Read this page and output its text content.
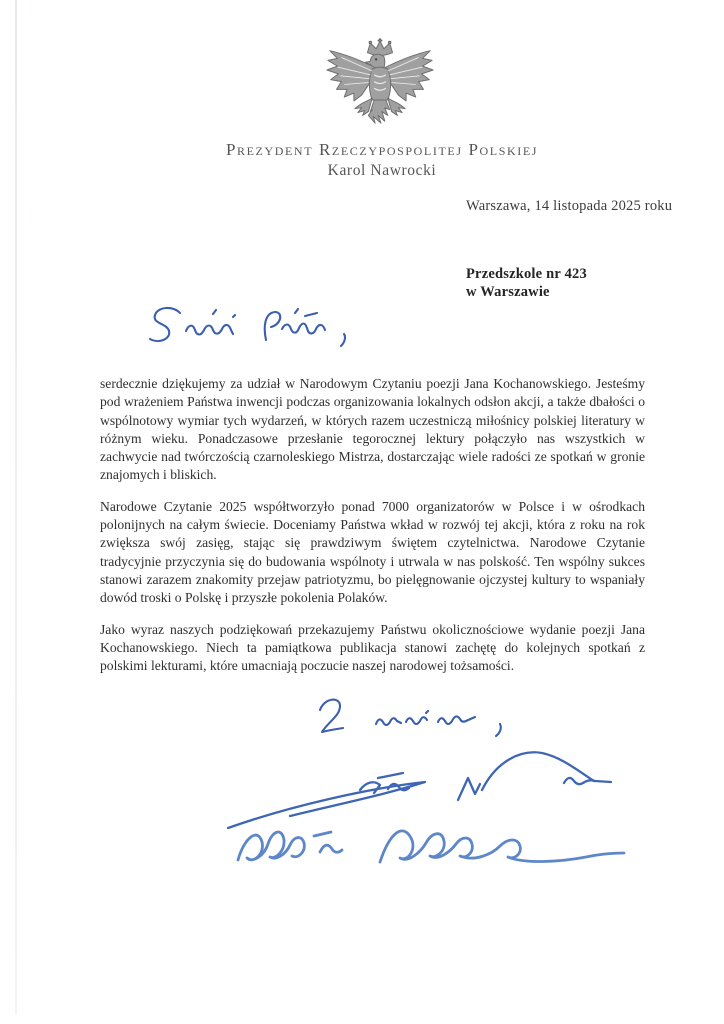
Prezydent Rzeczypospolitej Polskiej
Karol Nawrocki
Warszawa, 14 listopada 2025 roku
Przedszkole nr 423
w Warszawie

serdecznie dziękujemy za udział w Narodowym Czytaniu poezji Jana Kochanowskiego. Jesteśmy pod wrażeniem Państwa inwencji podczas organizowania lokalnych odsłon akcji, a także dbałości o wspólnotowy wymiar tych wydarzeń, w których razem uczestniczą miłośnicy polskiej literatury w różnym wieku. Ponadczasowe przesłanie tegorocznej lektury połączyło nas wszystkich w zachwycie nad twórczością czarnoleskiego Mistrza, dostarczając wiele radości ze spotkań w gronie znajomych i bliskich.

Narodowe Czytanie 2025 współtworzyło ponad 7000 organizatorów w Polsce i w ośrodkach polonijnych na całym świecie. Doceniamy Państwa wkład w rozwój tej akcji, która z roku na rok zwiększa swój zasięg, stając się prawdziwym świętem czytelnictwa. Narodowe Czytanie tradycyjnie przyczynia się do budowania wspólnoty i utrwala w nas polskość. Ten wspólny sukces stanowi zarazem znakomity przejaw patriotyzmu, bo pielęgnowanie ojczystej kultury to wspaniały dowód troski o Polskę i przyszłe pokolenia Polaków.

Jako wyraz naszych podziękowań przekazujemy Państwu okolicznościowe wydanie poezji Jana Kochanowskiego. Niech ta pamiątkowa publikacja stanowi zachętę do kolejnych spotkań z polskimi lekturami, które umacniają poczucie naszej narodowej tożsamości.
